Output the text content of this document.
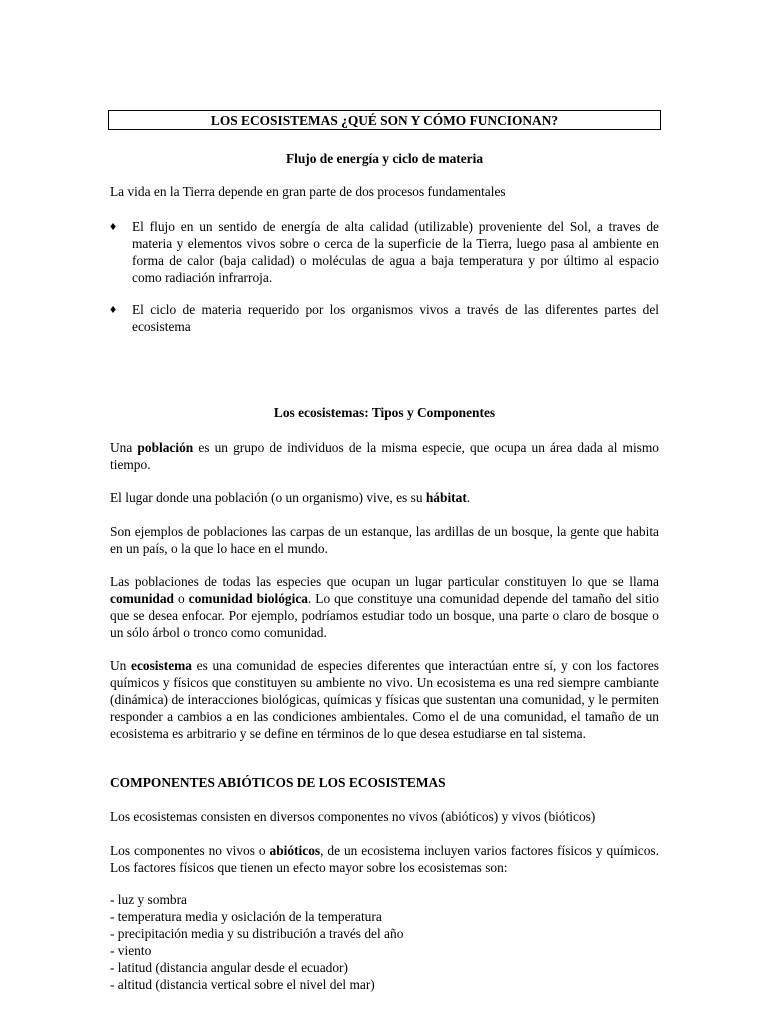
LOS ECOSISTEMAS ¿QUÉ SON Y CÓMO FUNCIONAN?
Flujo de energía y ciclo de materia

La vida en la Tierra depende en gran parte de dos procesos fundamentales

♦ El flujo en un sentido de energía de alta calidad (utilizable) proveniente del Sol, a traves de materia y elementos vivos sobre o cerca de la superficie de la Tierra, luego pasa al ambiente en forma de calor (baja calidad) o moléculas de agua a baja temperatura y por último al espacio como radiación infrarroja.
♦ El ciclo de materia requerido por los organismos vivos a través de las diferentes partes del ecosistema
Los ecosistemas: Tipos y Componentes

Una población es un grupo de individuos de la misma especie, que ocupa un área dada al mismo tiempo.

El lugar donde una población (o un organismo) vive, es su hábitat.

Son ejemplos de poblaciones las carpas de un estanque, las ardillas de un bosque, la gente que habita en un país, o la que lo hace en el mundo.

Las poblaciones de todas las especies que ocupan un lugar particular constituyen lo que se llama comunidad o comunidad biológica. Lo que constituye una comunidad depende del tamaño del sitio que se desea enfocar. Por ejemplo, podríamos estudiar todo un bosque, una parte o claro de bosque o un sólo árbol o tronco como comunidad.

Un ecosistema es una comunidad de especies diferentes que interactúan entre sí, y con los factores químicos y físicos que constituyen su ambiente no vivo. Un ecosistema es una red siempre cambiante (dinámica) de interacciones biológicas, químicas y físicas que sustentan una comunidad, y le permiten responder a cambios a en las condiciones ambientales. Como el de una comunidad, el tamaño de un ecosistema es arbitrario y se define en términos de lo que desea estudiarse en tal sistema.

COMPONENTES ABIÓTICOS DE LOS ECOSISTEMAS

Los ecosistemas consisten en diversos componentes no vivos (abióticos) y vivos (bióticos)

Los componentes no vivos o abióticos, de un ecosistema incluyen varios factores físicos y químicos. Los factores físicos que tienen un efecto mayor sobre los ecosistemas son:

- luz y sombra
- temperatura media y osiclación de la temperatura
- precipitación media y su distribución a través del año
- viento
- latitud (distancia angular desde el ecuador)
- altitud (distancia vertical sobre el nivel del mar)
